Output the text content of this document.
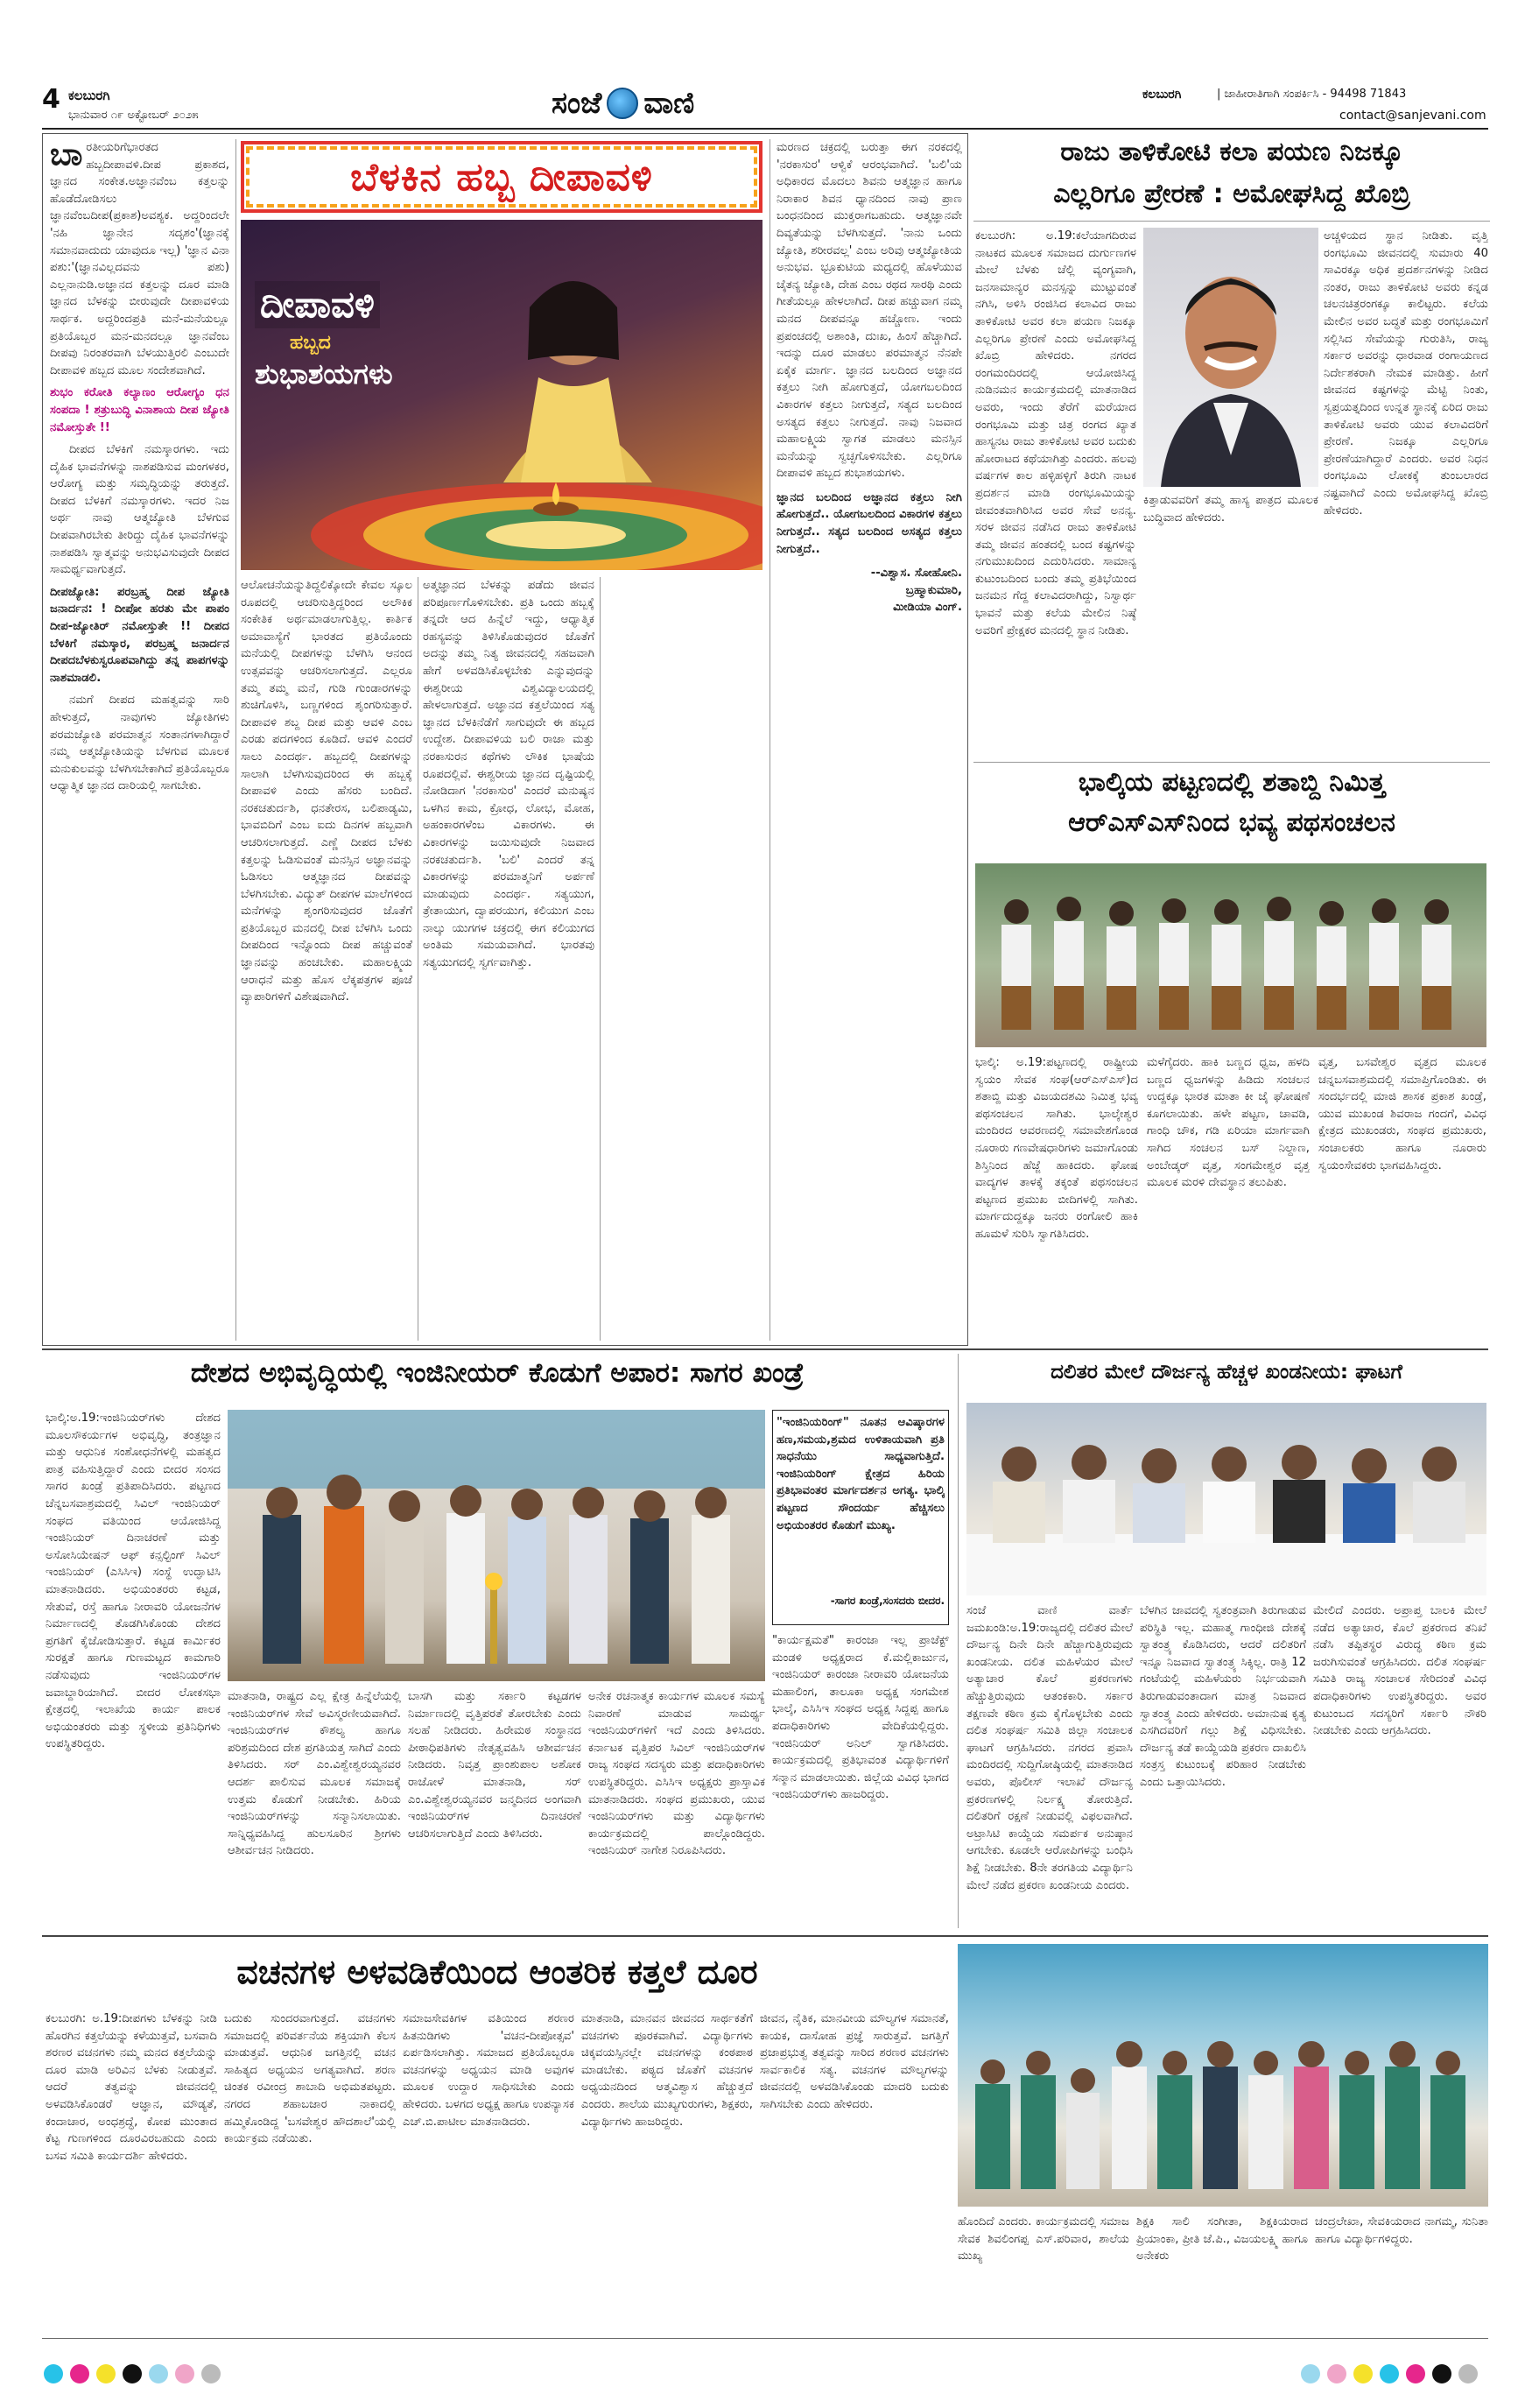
4 ಕಲಬುರಗಿ
ಭಾನುವಾರ ೧೯ ಅಕ್ಟೋಬರ್ ೨೦೨೫	ಸಂಜೆ ವಾಣಿ	ಕಲಬುರಗಿ	| ಜಾಹೀರಾತಿಗಾಗಿ ಸಂಪರ್ಕಿಸಿ - 94498 71843
contact@sanjevani.com

ಬಾರತೀಯರಿಗೆಭಾರತದ ಹಬ್ಬದೀಪಾವಳಿ.ದೀಪ ಪ್ರಕಾಶದ, ಜ್ಞಾನದ ಸಂಕೇತ.ಅಜ್ಞಾನವೆಂಬ ಕತ್ತಲನ್ನು ಹೊಡೆದೋಡಿಸಲು ಜ್ಞಾನವೆಂಬದೀಪ(ಪ್ರಕಾಶ)ಅವಶ್ಯಕ. ಅದ್ದರಿಂದಲೇ 'ನಹಿ ಜ್ಞಾನೇನ ಸದೃಶಂ'(ಜ್ಞಾನಕ್ಕೆ ಸಮಾನವಾದುದು ಯಾವುದೂ ಇಲ್ಲ) 'ಜ್ಞಾನ ವಿನಾ ಪಶು:'(ಜ್ಞಾನವಿಲ್ಲದವನು ಪಶು) ಎಲ್ಲನಾನುಡಿ.ಅಜ್ಞಾನದ ಕತ್ತಲನ್ನು ದೂರ ಮಾಡಿ ಜ್ಞಾನದ ಬೆಳಕನ್ನು ಬೀರುವುದೇ ದೀಪಾವಳಿಯ ಸಾರ್ಥಕ. ಅದ್ದರಿಂದಪ್ರತಿ ಮನೆ-ಮನೆಯಲ್ಲೂ ಪ್ರತಿಯೊಬ್ಬರ ಮನ-ಮನದಲ್ಲೂ ಜ್ಞಾನವೆಂಬ ದೀಪವು ನಿರಂತರವಾಗಿ ಬೆಳಯುತ್ತಿರಲಿ ಎಂಬುದೇ ದೀಪಾವಳಿ ಹಬ್ಬದ ಮೂಲ ಸಂದೇಶವಾಗಿದೆ.

ಶುಭಂ ಕರೋತಿ ಕಲ್ಯಾಣಂ ಆರೋಗ್ಯಂ ಧನ ಸಂಪದಾ ! ಶತ್ರುಬುದ್ಧಿ ವಿನಾಶಾಯ ದೀಪ ಜ್ಯೋತಿ ನಮೋಸ್ತುತೇ !!

ದೀಪದ ಬೆಳಕಿಗೆ ನಮಸ್ಕಾರಗಳು. ಇದು ದೈಹಿಕ ಭಾವನೆಗಳನ್ನು ನಾಶಪಡಿಸುವ ಮಂಗಳಕರ, ಆರೋಗ್ಯ ಮತ್ತು ಸಮೃದ್ಧಿಯನ್ನು ತರುತ್ತದೆ. ದೀಪದ ಬೆಳಕಿಗೆ ನಮಸ್ಕಾರಗಳು. ಇದರ ನಿಜ ಅರ್ಥ ನಾವು ಆತ್ಮಜ್ಯೋತಿ ಬೆಳಗುವ ದೀಪವಾಗಿರಬೇಕು ತೀರಿದ್ದು ದೈಹಿಕ ಭಾವನೆಗಳನ್ನು ನಾಶಪಡಿಸಿ ಸ್ವಾತ್ಮವನ್ನು ಅನುಭವಿಸುವುದೇ ದೀಪದ ಸಾಮರ್ಥ್ಯವಾಗುತ್ತದೆ.

ದೀಪಜ್ಯೋತಿ: ಪರಬ್ರಹ್ಮ ದೀಪ ಜ್ಯೋತಿ ಜನಾರ್ದನ: ! ದೀಪೋ ಹರತು ಮೇ ಪಾಪಂ ದೀಪ-ಜ್ಯೋತಿರ್ ನಮೋಸ್ತುತೇ !! ದೀಪದ ಬೆಳಕಿಗೆ ನಮಸ್ಕಾರ, ಪರಬ್ರಹ್ಮ ಜನಾರ್ದನ ದೀಪದಬೆಳಕುಸ್ವರೂಪವಾಗಿದ್ದು ತನ್ನ ಪಾಪಗಳನ್ನು ನಾಶಮಾಡಲಿ.

ನಮಗೆ ದೀಪದ ಮಹತ್ವವನ್ನು ಸಾರಿ ಹೇಳುತ್ತದೆ, ನಾವುಗಳು ಜ್ಯೋತಿಗಳು ಪರಮಜ್ಯೋತಿ ಪರಮಾತ್ಮನ ಸಂತಾನಗಳಾಗಿದ್ದಾರೆ ನಮ್ಮ ಆತ್ಮಜ್ಯೋತಿಯನ್ನು ಬೆಳಗುವ ಮೂಲಕ ಮನುಕುಲವನ್ನು ಬೆಳಗಿಸಬೇಕಾಗಿದೆ ಪ್ರತಿಯೊಬ್ಬರೂ ಆಧ್ಯಾತ್ಮಿಕ ಜ್ಞಾನದ ದಾರಿಯಲ್ಲಿ ಸಾಗಬೇಕು.

ಬೆಳಕಿನ ಹಬ್ಬ ದೀಪಾವಳಿ
ದೀಪಾವಳಿ
ಹಬ್ಬದ
ಶುಭಾಶಯಗಳು
ಆಲೋಚನೆಯನ್ನುತಿದ್ದಲಿಕ್ಕೋದೇ ಕೇವಲ ಸ್ಕೂಲ ರೂಪದಲ್ಲಿ ಆಚರಿಸುತ್ತಿದ್ದರಿಂದ ಅಲೌಕಿಕ ಸಂಕೇತಿಕ ಅರ್ಥಮಾಡಲಾಗುತ್ತಿಲ್ಲ. ಕಾರ್ತಿಕ ಅಮಾವಾಸ್ಯೆಗೆ ಭಾರತದ ಪ್ರತಿಯೊಂದು ಮನೆಯಲ್ಲಿ ದೀಪಗಳನ್ನು ಬೆಳಗಿಸಿ ಆನಂದ ಉತ್ಸವವನ್ನು ಆಚರಿಸಲಾಗುತ್ತದೆ. ಎಲ್ಲರೂ ತಮ್ಮ ತಮ್ಮ ಮನೆ, ಗುಡಿ ಗುಂಡಾರಗಳನ್ನು ಶುಚಿಗೊಳಿಸಿ, ಬಣ್ಣಗಳಿಂದ ಶೃಂಗರಿಸುತ್ತಾರೆ. ದೀಪಾವಳಿ ಶಬ್ದ ದೀಪ ಮತ್ತು ಆವಳಿ ಎಂಬ ಎರಡು ಪದಗಳಿಂದ ಕೂಡಿದೆ. ಆವಳಿ ಎಂದರೆ ಸಾಲು ಎಂದರ್ಥ. ಹಬ್ಬದಲ್ಲಿ ದೀಪಗಳನ್ನು ಸಾಲಾಗಿ ಬೆಳಗಿಸುವುದರಿಂದ ಈ ಹಬ್ಬಕ್ಕೆ ದೀಪಾವಳಿ ಎಂದು ಹೆಸರು ಬಂದಿದೆ. ನರಕಚತುರ್ದಶಿ, ಧನತೇರಸ, ಬಲಿಪಾಡ್ಯಮಿ, ಭಾವಬಿದಿಗೆ ಎಂಬ ಐದು ದಿನಗಳ ಹಬ್ಬವಾಗಿ ಆಚರಿಸಲಾಗುತ್ತದೆ. ಎಣ್ಣೆ ದೀಪದ ಬೆಳಕು ಕತ್ತಲನ್ನು ಓಡಿಸುವಂತೆ ಮನಸ್ಸಿನ ಅಜ್ಞಾನವನ್ನು ಓಡಿಸಲು ಆತ್ಮಜ್ಞಾನದ ದೀಪವನ್ನು ಬೆಳಗಿಸಬೇಕು. ವಿದ್ಯುತ್ ದೀಪಗಳ ಮಾಲೆಗಳಿಂದ ಮನೆಗಳನ್ನು ಶೃಂಗರಿಸುವುದರ ಜೊತೆಗೆ ಪ್ರತಿಯೊಬ್ಬರ ಮನದಲ್ಲಿ ದೀಪ ಬೆಳಗಿಸಿ ಒಂದು ದೀಪದಿಂದ ಇನ್ನೊಂದು ದೀಪ ಹಚ್ಚುವಂತೆ ಜ್ಞಾನವನ್ನು ಹಂಚಬೇಕು. ಮಹಾಲಕ್ಷ್ಮಿಯ ಆರಾಧನೆ ಮತ್ತು ಹೊಸ ಲೆಕ್ಕಪತ್ರಗಳ ಪೂಜೆ ವ್ಯಾಪಾರಿಗಳಿಗೆ ವಿಶೇಷವಾಗಿದೆ.
ಅತ್ಮಜ್ಞಾನದ ಬೆಳಕನ್ನು ಪಡೆದು ಜೀವನ ಪರಿಪೂರ್ಣಗೊಳಿಸಬೇಕು. ಪ್ರತಿ ಒಂದು ಹಬ್ಬಕ್ಕೆ ತನ್ನದೇ ಆದ ಹಿನ್ನೆಲೆ ಇದ್ದು, ಆಧ್ಯಾತ್ಮಿಕ ರಹಸ್ಯವನ್ನು ತಿಳಿಸಿಕೊಡುವುದರ ಜೊತೆಗೆ ಅದನ್ನು ತಮ್ಮ ನಿತ್ಯ ಜೀವನದಲ್ಲಿ ಸಹಜವಾಗಿ ಹೇಗೆ ಅಳವಡಿಸಿಕೊಳ್ಳಬೇಕು ಎನ್ನುವುದನ್ನು ಈಶ್ವರೀಯ ವಿಶ್ವವಿದ್ಯಾಲಯದಲ್ಲಿ ಹೇಳಲಾಗುತ್ತದೆ. ಅಜ್ಞಾನದ ಕತ್ತಲೆಯಿಂದ ಸತ್ಯ ಜ್ಞಾನದ ಬೆಳಕಿನೆಡೆಗೆ ಸಾಗುವುದೇ ಈ ಹಬ್ಬದ ಉದ್ದೇಶ. ದೀಪಾವಳಿಯ ಬಲಿ ರಾಜಾ ಮತ್ತು ನರಕಾಸುರನ ಕಥೆಗಳು ಲೌಕಿಕ ಭಾಷೆಯ ರೂಪದಲ್ಲಿವೆ. ಈಶ್ವರೀಯ ಜ್ಞಾನದ ದೃಷ್ಟಿಯಲ್ಲಿ ನೋಡಿದಾಗ 'ನರಕಾಸುರ' ಎಂದರೆ ಮನುಷ್ಯನ ಒಳಗಿನ ಕಾಮ, ಕ್ರೋಧ, ಲೋಭ, ಮೋಹ, ಅಹಂಕಾರಗಳೆಂಬ ವಿಕಾರಗಳು. ಈ ವಿಕಾರಗಳನ್ನು ಜಯಿಸುವುದೇ ನಿಜವಾದ ನರಕಚತುರ್ದಶಿ. 'ಬಲಿ' ಎಂದರೆ ತನ್ನ ವಿಕಾರಗಳನ್ನು ಪರಮಾತ್ಮನಿಗೆ ಅರ್ಪಣೆ ಮಾಡುವುದು ಎಂದರ್ಥ. ಸತ್ಯಯುಗ, ತ್ರೇತಾಯುಗ, ದ್ವಾಪರಯುಗ, ಕಲಿಯುಗ ಎಂಬ ನಾಲ್ಕು ಯುಗಗಳ ಚಕ್ರದಲ್ಲಿ ಈಗ ಕಲಿಯುಗದ ಅಂತಿಮ ಸಮಯವಾಗಿದೆ. ಭಾರತವು ಸತ್ಯಯುಗದಲ್ಲಿ ಸ್ವರ್ಗವಾಗಿತ್ತು.

ಮರಣದ ಚಕ್ರದಲ್ಲಿ ಬರುತ್ತಾ ಈಗ ನರಕದಲ್ಲಿ 'ನರಕಾಸುರ' ಆಳ್ವಿಕೆ ಆರಂಭವಾಗಿದೆ. 'ಬಲಿ'ಯ ಅಧಿಕಾರದ ಮೊದಲು ಶಿವನು ಆತ್ಮಜ್ಞಾನ ಹಾಗೂ ನಿರಾಕಾರ ಶಿವನ ಧ್ಯಾನದಿಂದ ನಾವು ಪ್ರಾಣ ಬಂಧನದಿಂದ ಮುಕ್ತರಾಗಬಹುದು. ಆತ್ಮಜ್ಞಾನವೇ ದಿವ್ಯತೆಯನ್ನು ಬೆಳಗಿಸುತ್ತದೆ. 'ನಾನು ಒಂದು ಜ್ಯೋತಿ, ಶರೀರವಲ್ಲ' ಎಂಬ ಅರಿವು ಆತ್ಮಜ್ಯೋತಿಯ ಅನುಭವ. ಭ್ರೂಕುಟಿಯ ಮಧ್ಯದಲ್ಲಿ ಹೊಳೆಯುವ ಚೈತನ್ಯ ಜ್ಯೋತಿ, ದೇಹ ಎಂಬ ರಥದ ಸಾರಥಿ ಎಂದು ಗೀತೆಯಲ್ಲೂ ಹೇಳಲಾಗಿದೆ. ದೀಪ ಹಚ್ಚುವಾಗ ನಮ್ಮ ಮನದ ದೀಪವನ್ನೂ ಹಚ್ಚೋಣ. ಇಂದು ಪ್ರಪಂಚದಲ್ಲಿ ಅಶಾಂತಿ, ದುಃಖ, ಹಿಂಸೆ ಹೆಚ್ಚಾಗಿದೆ. ಇದನ್ನು ದೂರ ಮಾಡಲು ಪರಮಾತ್ಮನ ನೆನಪೇ ಏಕೈಕ ಮಾರ್ಗ. ಜ್ಞಾನದ ಬಲದಿಂದ ಅಜ್ಞಾನದ ಕತ್ತಲು ನೀಗಿ ಹೋಗುತ್ತದೆ, ಯೋಗಬಲದಿಂದ ವಿಕಾರಗಳ ಕತ್ತಲು ನೀಗುತ್ತದೆ, ಸತ್ಯದ ಬಲದಿಂದ ಅಸತ್ಯದ ಕತ್ತಲು ನೀಗುತ್ತದೆ. ನಾವು ನಿಜವಾದ ಮಹಾಲಕ್ಷ್ಮಿಯ ಸ್ವಾಗತ ಮಾಡಲು ಮನಸ್ಸಿನ ಮನೆಯನ್ನು ಸ್ವಚ್ಛಗೊಳಿಸಬೇಕು. ಎಲ್ಲರಿಗೂ ದೀಪಾವಳಿ ಹಬ್ಬದ ಶುಭಾಶಯಗಳು.

ಜ್ಞಾನದ ಬಲದಿಂದ ಅಜ್ಞಾನದ ಕತ್ತಲು ನೀಗಿ ಹೋಗುತ್ತದೆ.. ಯೋಗಬಲದಿಂದ ವಿಕಾರಗಳ ಕತ್ತಲು ನೀಗುತ್ತದೆ.. ಸತ್ಯದ ಬಲದಿಂದ ಅಸತ್ಯದ ಕತ್ತಲು ನೀಗುತ್ತದೆ..

--ವಿಶ್ವಾಸ. ಸೋಹೋನಿ.

ಬ್ರಹ್ಮಾಕುಮಾರಿ,

ಮೀಡಿಯಾ ವಿಂಗ್.

ರಾಜು ತಾಳಿಕೋಟಿ ಕಲಾ ಪಯಣ ನಿಜಕ್ಕೂ
ಎಲ್ಲರಿಗೂ ಪ್ರೇರಣೆ : ಅಮೋಘಸಿದ್ದ ಖೊಬ್ರಿ
ಕಲಬುರಗಿ: ಅ.19:ಕಲೆಯಾಗದಿರುವ ನಾಟಕದ ಮೂಲಕ ಸಮಾಜದ ದುರ್ಗುಣಗಳ ಮೇಲೆ ಬೆಳಕು ಚೆಲ್ಲಿ ವ್ಯಂಗ್ಯವಾಗಿ, ಜನಸಾಮಾನ್ಯರ ಮನಸ್ಸನ್ನು ಮುಟ್ಟುವಂತೆ ನಗಿಸಿ, ಅಳಿಸಿ ರಂಜಿಸಿದ ಕಲಾವಿದ ರಾಜು ತಾಳಿಕೋಟಿ ಅವರ ಕಲಾ ಪಯಣ ನಿಜಕ್ಕೂ ಎಲ್ಲರಿಗೂ ಪ್ರೇರಣೆ ಎಂದು ಅಮೋಘಸಿದ್ದ ಖೊಬ್ರಿ ಹೇಳಿದರು. ನಗರದ ರಂಗಮಂದಿರದಲ್ಲಿ ಆಯೋಜಿಸಿದ್ದ ನುಡಿನಮನ ಕಾರ್ಯಕ್ರಮದಲ್ಲಿ ಮಾತನಾಡಿದ ಅವರು, ಇಂದು ತೆರೆಗೆ ಮರೆಯಾದ ರಂಗಭೂಮಿ ಮತ್ತು ಚಿತ್ರ ರಂಗದ ಖ್ಯಾತ ಹಾಸ್ಯನಟ ರಾಜು ತಾಳಿಕೋಟಿ ಅವರ ಬದುಕು ಹೋರಾಟದ ಕಥೆಯಾಗಿತ್ತು ಎಂದರು. ಹಲವು ವರ್ಷಗಳ ಕಾಲ ಹಳ್ಳಿಹಳ್ಳಿಗೆ ತಿರುಗಿ ನಾಟಕ ಪ್ರದರ್ಶನ ಮಾಡಿ ರಂಗಭೂಮಿಯನ್ನು ಜೀವಂತವಾಗಿರಿಸಿದ ಅವರ ಸೇವೆ ಅನನ್ಯ. ಸರಳ ಜೀವನ ನಡೆಸಿದ ರಾಜು ತಾಳಿಕೋಟಿ ತಮ್ಮ ಜೀವನ ಹಂತದಲ್ಲಿ ಬಂದ ಕಷ್ಟಗಳನ್ನು ನಗುಮುಖದಿಂದ ಎದುರಿಸಿದರು. ಸಾಮಾನ್ಯ ಕುಟುಂಬದಿಂದ ಬಂದು ತಮ್ಮ ಪ್ರತಿಭೆಯಿಂದ ಜನಮನ ಗೆದ್ದ ಕಲಾವಿದರಾಗಿದ್ದು, ನಿಸ್ವಾರ್ಥ ಭಾವನೆ ಮತ್ತು ಕಲೆಯ ಮೇಲಿನ ನಿಷ್ಠೆ ಅವರಿಗೆ ಪ್ರೇಕ್ಷಕರ ಮನದಲ್ಲಿ ಸ್ಥಾನ ನೀಡಿತು.
ಕಿತ್ತಾಡುವವರಿಗೆ ತಮ್ಮ ಹಾಸ್ಯ ಪಾತ್ರದ ಮೂಲಕ ಬುದ್ಧಿವಾದ ಹೇಳಿದರು.
ಅಚ್ಚಳಿಯದ ಸ್ಥಾನ ನೀಡಿತು. ವೃತ್ತಿ ರಂಗಭೂಮಿ ಜೀವನದಲ್ಲಿ ಸುಮಾರು 40 ಸಾವಿರಕ್ಕೂ ಅಧಿಕ ಪ್ರದರ್ಶನಗಳನ್ನು ನೀಡಿದ ನಂತರ, ರಾಜು ತಾಳಿಕೋಟಿ ಅವರು ಕನ್ನಡ ಚಲನಚಿತ್ರರಂಗಕ್ಕೂ ಕಾಲಿಟ್ಟರು. ಕಲೆಯ ಮೇಲಿನ ಅವರ ಬದ್ಧತೆ ಮತ್ತು ರಂಗಭೂಮಿಗೆ ಸಲ್ಲಿಸಿದ ಸೇವೆಯನ್ನು ಗುರುತಿಸಿ, ರಾಜ್ಯ ಸರ್ಕಾರ ಅವರನ್ನು ಧಾರವಾಡ ರಂಗಾಯಣದ ನಿರ್ದೇಶಕರಾಗಿ ನೇಮಕ ಮಾಡಿತ್ತು. ಹೀಗೆ ಜೀವನದ ಕಷ್ಟಗಳನ್ನು ಮೆಟ್ಟಿ ನಿಂತು, ಸ್ವಪ್ರಯತ್ನದಿಂದ ಉನ್ನತ ಸ್ಥಾನಕ್ಕೆ ಏರಿದ ರಾಜು ತಾಳಿಕೋಟಿ ಅವರು ಯುವ ಕಲಾವಿದರಿಗೆ ಪ್ರೇರಣೆ. ನಿಜಕ್ಕೂ ಎಲ್ಲರಿಗೂ ಪ್ರೇರಣೆಯಾಗಿದ್ದಾರೆ ಎಂದರು. ಅವರ ನಿಧನ ರಂಗಭೂಮಿ ಲೋಕಕ್ಕೆ ತುಂಬಲಾರದ ನಷ್ಟವಾಗಿದೆ ಎಂದು ಅಮೋಘಸಿದ್ದ ಖೊಬ್ರಿ ಹೇಳಿದರು.
ಭಾಲ್ಕಿಯ ಪಟ್ಟಣದಲ್ಲಿ ಶತಾಬ್ದಿ ನಿಮಿತ್ತ
ಆರ್‌ಎಸ್‌ಎಸ್‌ನಿಂದ ಭವ್ಯ ಪಥಸಂಚಲನ
ಭಾಲ್ಕಿ: ಅ.19:ಪಟ್ಟಣದಲ್ಲಿ ರಾಷ್ಟ್ರೀಯ ಸ್ವಯಂ ಸೇವಕ ಸಂಘ(ಆರ್‌ಎಸ್‌ಎಸ್)ದ ಶತಾಬ್ದಿ ಮತ್ತು ವಿಜಯದಶಮಿ ನಿಮಿತ್ತ ಭವ್ಯ ಪಥಸಂಚಲನ ಸಾಗಿತು. ಭಾಲ್ಕೇಶ್ವರ ಮಂದಿರದ ಆವರಣದಲ್ಲಿ ಸಮಾವೇಶಗೊಂಡ ನೂರಾರು ಗಣವೇಷಧಾರಿಗಳು ಜಮಾಗೊಂಡು ಶಿಸ್ತಿನಿಂದ ಹೆಜ್ಜೆ ಹಾಕಿದರು. ಘೋಷ ವಾದ್ಯಗಳ ತಾಳಕ್ಕೆ ತಕ್ಕಂತೆ ಪಥಸಂಚಲನ ಪಟ್ಟಣದ ಪ್ರಮುಖ ಬೀದಿಗಳಲ್ಲಿ ಸಾಗಿತು. ಮಾರ್ಗದುದ್ದಕ್ಕೂ ಜನರು ರಂಗೋಲಿ ಹಾಕಿ ಹೂಮಳೆ ಸುರಿಸಿ ಸ್ವಾಗತಿಸಿದರು.
ಮಳೆಗೈದರು. ಹಾಕಿ ಬಣ್ಣದ ಧ್ವಜ, ಹಳದಿ ಬಣ್ಣದ ಧ್ವಜಗಳನ್ನು ಹಿಡಿದು ಸಂಚಲನ ಉದ್ದಕ್ಕೂ ಭಾರತ ಮಾತಾ ಕೀ ಜೈ ಘೋಷಣೆ ಕೂಗಲಾಯಿತು. ಹಳೇ ಪಟ್ಟಣ, ಚಾವಡಿ, ಗಾಂಧಿ ಚೌಕ, ಗಡಿ ಏರಿಯಾ ಮಾರ್ಗವಾಗಿ ಸಾಗಿದ ಸಂಚಲನ ಬಸ್ ನಿಲ್ದಾಣ, ಅಂಬೇಡ್ಕರ್ ವೃತ್ತ, ಸಂಗಮೇಶ್ವರ ವೃತ್ತ ಮೂಲಕ ಮರಳಿ ದೇವಸ್ಥಾನ ತಲುಪಿತು.
ವೃತ್ತ, ಬಸವೇಶ್ವರ ವೃತ್ತದ ಮೂಲಕ ಚನ್ನಬಸವಾಶ್ರಮದಲ್ಲಿ ಸಮಾಪ್ತಿಗೊಂಡಿತು. ಈ ಸಂದರ್ಭದಲ್ಲಿ ಮಾಜಿ ಶಾಸಕ ಪ್ರಕಾಶ ಖಂಡ್ರೆ, ಯುವ ಮುಖಂಡ ಶಿವರಾಜ ಗಂದಗೆ, ವಿವಿಧ ಕ್ಷೇತ್ರದ ಮುಖಂಡರು, ಸಂಘದ ಪ್ರಮುಖರು, ಸಂಚಾಲಕರು ಹಾಗೂ ನೂರಾರು ಸ್ವಯಂಸೇವಕರು ಭಾಗವಹಿಸಿದ್ದರು.
ದೇಶದ ಅಭಿವೃದ್ಧಿಯಲ್ಲಿ ಇಂಜಿನೀಯರ್ ಕೊಡುಗೆ ಅಪಾರ: ಸಾಗರ ಖಂಡ್ರೆ
ಭಾಲ್ಕಿ:ಅ.19:ಇಂಜಿನಿಯರ್‌ಗಳು ದೇಶದ ಮೂಲಸೌಕರ್ಯಗಳ ಅಭಿವೃದ್ಧಿ, ತಂತ್ರಜ್ಞಾನ ಮತ್ತು ಆಧುನಿಕ ಸಂಶೋಧನೆಗಳಲ್ಲಿ ಮಹತ್ವದ ಪಾತ್ರ ವಹಿಸುತ್ತಿದ್ದಾರೆ ಎಂದು ಬೀದರ ಸಂಸದ ಸಾಗರ ಖಂಡ್ರೆ ಪ್ರತಿಪಾದಿಸಿದರು. ಪಟ್ಟಣದ ಚೆನ್ನಬಸವಾಶ್ರಮದಲ್ಲಿ ಸಿವಿಲ್ ಇಂಜಿನಿಯರ್ ಸಂಘದ ವತಿಯಿಂದ ಆಯೋಜಿಸಿದ್ದ ಇಂಜಿನಿಯರ್ ದಿನಾಚರಣೆ ಮತ್ತು ಅಸೋಸಿಯೇಷನ್ ಆಫ್ ಕನ್ಸಲ್ಟಿಂಗ್ ಸಿವಿಲ್ ಇಂಜಿನಿಯರ್ (ಎಸಿಸಿಇ) ಸಂಸ್ಥೆ ಉದ್ಘಾಟಿಸಿ ಮಾತನಾಡಿದರು. ಅಭಿಯಂತರರು ಕಟ್ಟಡ, ಸೇತುವೆ, ರಸ್ತೆ ಹಾಗೂ ನೀರಾವರಿ ಯೋಜನೆಗಳ ನಿರ್ಮಾಣದಲ್ಲಿ ತೊಡಗಿಸಿಕೊಂಡು ದೇಶದ ಪ್ರಗತಿಗೆ ಕೈಜೋಡಿಸುತ್ತಾರೆ. ಕಟ್ಟಡ ಕಾರ್ಮಿಕರ ಸುರಕ್ಷತೆ ಹಾಗೂ ಗುಣಮಟ್ಟದ ಕಾಮಗಾರಿ ನಡೆಸುವುದು ಇಂಜಿನಿಯರ್‌ಗಳ ಜವಾಬ್ದಾರಿಯಾಗಿದೆ. ಬೀದರ ಲೋಕಸಭಾ ಕ್ಷೇತ್ರದಲ್ಲಿ ಇಲಾಖೆಯ ಕಾರ್ಯ ಪಾಲಕ ಅಭಿಯಂತರರು ಮತ್ತು ಸ್ಥಳೀಯ ಪ್ರತಿನಿಧಿಗಳು ಉಪಸ್ಥಿತರಿದ್ದರು.
ಮಾತನಾಡಿ, ರಾಷ್ಟ್ರದ ಎಲ್ಲ ಕ್ಷೇತ್ರ ಹಿನ್ನೆಲೆಯಲ್ಲಿ ಇಂಜಿನಿಯರ್‌ಗಳ ಸೇವೆ ಅವಿಸ್ಮರಣೀಯವಾಗಿದೆ. ಇಂಜಿನಿಯರ್‌ಗಳ ಕೌಶಲ್ಯ ಹಾಗೂ ಪರಿಶ್ರಮದಿಂದ ದೇಶ ಪ್ರಗತಿಯತ್ತ ಸಾಗಿದೆ ಎಂದು ತಿಳಿಸಿದರು. ಸರ್ ಎಂ.ವಿಶ್ವೇಶ್ವರಯ್ಯನವರ ಆದರ್ಶ ಪಾಲಿಸುವ ಮೂಲಕ ಸಮಾಜಕ್ಕೆ ಉತ್ತಮ ಕೊಡುಗೆ ನೀಡಬೇಕು. ಹಿರಿಯ ಇಂಜಿನಿಯರ್‌ಗಳನ್ನು ಸನ್ಮಾನಿಸಲಾಯಿತು. ಸಾನ್ನಿಧ್ಯವಹಿಸಿದ್ದ ಹುಲಸೂರಿನ ಶ್ರೀಗಳು ಆಶೀರ್ವಚನ ನೀಡಿದರು.
ಬಾಸಗಿ ಮತ್ತು ಸರ್ಕಾರಿ ಕಟ್ಟಡಗಳ ನಿರ್ಮಾಣದಲ್ಲಿ ವೃತ್ತಿಪರತೆ ತೋರಬೇಕು ಎಂದು ಸಲಹೆ ನೀಡಿದರು. ಹಿರೇಮಠ ಸಂಸ್ಥಾನದ ಪೀಠಾಧಿಪತಿಗಳು ನೇತೃತ್ವವಹಿಸಿ ಆಶೀರ್ವಚನ ನೀಡಿದರು. ನಿವೃತ್ತ ಪ್ರಾಂಶುಪಾಲ ಅಶೋಕ ರಾಜೋಳೆ ಮಾತನಾಡಿ, ಸರ್ ಎಂ.ವಿಶ್ವೇಶ್ವರಯ್ಯನವರ ಜನ್ಮದಿನದ ಅಂಗವಾಗಿ ಇಂಜಿನಿಯರ್‌ಗಳ ದಿನಾಚರಣೆ ಆಚರಿಸಲಾಗುತ್ತಿದೆ ಎಂದು ತಿಳಿಸಿದರು.
ಅನೇಕ ರಚನಾತ್ಮಕ ಕಾರ್ಯಗಳ ಮೂಲಕ ಸಮಸ್ಯೆ ನಿವಾರಣೆ ಮಾಡುವ ಸಾಮರ್ಥ್ಯ ಇಂಜಿನಿಯರ್‌ಗಳಿಗೆ ಇದೆ ಎಂದು ತಿಳಿಸಿದರು. ಕರ್ನಾಟಕ ವೃತ್ತಿಪರ ಸಿವಿಲ್ ಇಂಜಿನಿಯರ್‌ಗಳ ರಾಜ್ಯ ಸಂಘದ ಸದಸ್ಯರು ಮತ್ತು ಪದಾಧಿಕಾರಿಗಳು ಉಪಸ್ಥಿತರಿದ್ದರು. ಎಸಿಸಿಇ ಅಧ್ಯಕ್ಷರು ಪ್ರಾಸ್ತಾವಿಕ ಮಾತನಾಡಿದರು. ಸಂಘದ ಪ್ರಮುಖರು, ಯುವ ಇಂಜಿನಿಯರ್‌ಗಳು ಮತ್ತು ವಿದ್ಯಾರ್ಥಿಗಳು ಕಾರ್ಯಕ್ರಮದಲ್ಲಿ ಪಾಲ್ಗೊಂಡಿದ್ದರು. ಇಂಜಿನಿಯರ್ ನಾಗೇಶ ನಿರೂಪಿಸಿದರು.
"ಇಂಜಿನಿಯರಿಂಗ್" ನೂತನ ಆವಿಷ್ಕಾರಗಳ ಹಣ,ಸಮಯ,ಶ್ರಮದ ಉಳಿತಾಯವಾಗಿ ಪ್ರತಿ ಸಾಧನೆಯು ಸಾಧ್ಯವಾಗುತ್ತಿದೆ. ಇಂಜಿನಿಯರಿಂಗ್ ಕ್ಷೇತ್ರದ ಹಿರಿಯ ಪ್ರತಿಭಾವಂತರ ಮಾರ್ಗದರ್ಶನ ಅಗತ್ಯ. ಭಾಲ್ಕಿ ಪಟ್ಟಣದ ಸೌಂದರ್ಯ ಹೆಚ್ಚಿಸಲು ಅಭಿಯಂತರರ ಕೊಡುಗೆ ಮುಖ್ಯ.
-ಸಾಗರ ಖಂಡ್ರೆ,ಸಂಸದರು ಬೀದರ.
"ಕಾರ್ಯಕ್ಷಮತೆ" ಕಾರಂಜಾ ಇಲ್ಲ ಪ್ರಾಜೆಕ್ಟ್ ಮಂಡಳಿ ಅಧ್ಯಕ್ಷರಾದ ಕೆ.ಮಲ್ಲಿಕಾರ್ಜುನ, ಇಂಜಿನಿಯರ್ ಕಾರಂಜಾ ನೀರಾವರಿ ಯೋಜನೆಯ ಮಹಾಲಿಂಗ, ತಾಲೂಕಾ ಅಧ್ಯಕ್ಷ ಸಂಗಮೇಶ ಭಾಲ್ಕೆ, ಎಸಿಸಿಇ ಸಂಘದ ಅಧ್ಯಕ್ಷ ಸಿದ್ದಪ್ಪ ಹಾಗೂ ಪದಾಧಿಕಾರಿಗಳು ವೇದಿಕೆಯಲ್ಲಿದ್ದರು. ಇಂಜಿನಿಯರ್ ಅನಿಲ್ ಸ್ವಾಗತಿಸಿದರು. ಕಾರ್ಯಕ್ರಮದಲ್ಲಿ ಪ್ರತಿಭಾವಂತ ವಿದ್ಯಾರ್ಥಿಗಳಿಗೆ ಸನ್ಮಾನ ಮಾಡಲಾಯಿತು. ಜಿಲ್ಲೆಯ ವಿವಿಧ ಭಾಗದ ಇಂಜಿನಿಯರ್‌ಗಳು ಹಾಜರಿದ್ದರು.
ದಲಿತರ ಮೇಲೆ ದೌರ್ಜನ್ಯ ಹೆಚ್ಚಳ ಖಂಡನೀಯ: ಘಾಟಗೆ
ಸಂಜೆ ವಾಣಿ ವಾರ್ತೆ ಜಮಖಂಡಿ:ಅ.19:ರಾಜ್ಯದಲ್ಲಿ ದಲಿತರ ಮೇಲೆ ದೌರ್ಜನ್ಯ ದಿನೇ ದಿನೇ ಹೆಚ್ಚಾಗುತ್ತಿರುವುದು ಖಂಡನೀಯ. ದಲಿತ ಮಹಿಳೆಯರ ಮೇಲೆ ಅತ್ಯಾಚಾರ ಕೊಲೆ ಪ್ರಕರಣಗಳು ಹೆಚ್ಚುತ್ತಿರುವುದು ಆತಂಕಕಾರಿ. ಸರ್ಕಾರ ತಕ್ಷಣವೇ ಕಠಿಣ ಕ್ರಮ ಕೈಗೊಳ್ಳಬೇಕು ಎಂದು ದಲಿತ ಸಂಘರ್ಷ ಸಮಿತಿ ಜಿಲ್ಲಾ ಸಂಚಾಲಕ ಘಾಟಗೆ ಆಗ್ರಹಿಸಿದರು. ನಗರದ ಪ್ರವಾಸಿ ಮಂದಿರದಲ್ಲಿ ಸುದ್ದಿಗೋಷ್ಠಿಯಲ್ಲಿ ಮಾತನಾಡಿದ ಅವರು, ಪೊಲೀಸ್ ಇಲಾಖೆ ದೌರ್ಜನ್ಯ ಪ್ರಕರಣಗಳಲ್ಲಿ ನಿರ್ಲಕ್ಷ್ಯ ತೋರುತ್ತಿದೆ. ದಲಿತರಿಗೆ ರಕ್ಷಣೆ ನೀಡುವಲ್ಲಿ ವಿಫಲವಾಗಿದೆ. ಅಟ್ರಾಸಿಟಿ ಕಾಯ್ದೆಯ ಸಮರ್ಪಕ ಅನುಷ್ಠಾನ ಆಗಬೇಕು. ಕೂಡಲೇ ಆರೋಪಿಗಳನ್ನು ಬಂಧಿಸಿ ಶಿಕ್ಷೆ ನೀಡಬೇಕು. 8ನೇ ತರಗತಿಯ ವಿದ್ಯಾರ್ಥಿನಿ ಮೇಲೆ ನಡೆದ ಪ್ರಕರಣ ಖಂಡನೀಯ ಎಂದರು.
ಬೆಳಗಿನ ಜಾವದಲ್ಲಿ ಸ್ವತಂತ್ರವಾಗಿ ತಿರುಗಾಡುವ ಪರಿಸ್ಥಿತಿ ಇಲ್ಲ. ಮಹಾತ್ಮ ಗಾಂಧೀಜಿ ದೇಶಕ್ಕೆ ಸ್ವಾತಂತ್ರ್ಯ ಕೊಡಿಸಿದರು, ಆದರೆ ದಲಿತರಿಗೆ ಇನ್ನೂ ನಿಜವಾದ ಸ್ವಾತಂತ್ರ್ಯ ಸಿಕ್ಕಿಲ್ಲ. ರಾತ್ರಿ 12 ಗಂಟೆಯಲ್ಲಿ ಮಹಿಳೆಯರು ನಿರ್ಭಯವಾಗಿ ತಿರುಗಾಡುವಂತಾದಾಗ ಮಾತ್ರ ನಿಜವಾದ ಸ್ವಾತಂತ್ರ್ಯ ಎಂದು ಹೇಳಿದರು. ಅಮಾನುಷ ಕೃತ್ಯ ಎಸಗಿದವರಿಗೆ ಗಲ್ಲು ಶಿಕ್ಷೆ ವಿಧಿಸಬೇಕು. ದೌರ್ಜನ್ಯ ತಡೆ ಕಾಯ್ದೆಯಡಿ ಪ್ರಕರಣ ದಾಖಲಿಸಿ ಸಂತ್ರಸ್ತ ಕುಟುಂಬಕ್ಕೆ ಪರಿಹಾರ ನೀಡಬೇಕು ಎಂದು ಒತ್ತಾಯಿಸಿದರು.
ಮೇಲಿದೆ ಎಂದರು. ಅಪ್ರಾಪ್ತ ಬಾಲಕಿ ಮೇಲೆ ನಡೆದ ಅತ್ಯಾಚಾರ, ಕೊಲೆ ಪ್ರಕರಣದ ತನಿಖೆ ನಡೆಸಿ ತಪ್ಪಿತಸ್ಥರ ವಿರುದ್ಧ ಕಠಿಣ ಕ್ರಮ ಜರುಗಿಸುವಂತೆ ಆಗ್ರಹಿಸಿದರು. ದಲಿತ ಸಂಘರ್ಷ ಸಮಿತಿ ರಾಜ್ಯ ಸಂಚಾಲಕ ಸೇರಿದಂತೆ ವಿವಿಧ ಪದಾಧಿಕಾರಿಗಳು ಉಪಸ್ಥಿತರಿದ್ದರು. ಅವರ ಕುಟುಂಬದ ಸದಸ್ಯರಿಗೆ ಸರ್ಕಾರಿ ನೌಕರಿ ನೀಡಬೇಕು ಎಂದು ಆಗ್ರಹಿಸಿದರು.
ವಚನಗಳ ಅಳವಡಿಕೆಯಿಂದ ಆಂತರಿಕ ಕತ್ತಲೆ ದೂರ
ಕಲಬುರಗಿ: ಅ.19:ದೀಪಗಳು ಬೆಳಕನ್ನು ನೀಡಿ ಹೊರಗಿನ ಕತ್ತಲೆಯನ್ನು ಕಳೆಯುತ್ತವೆ, ಬಸವಾದಿ ಶರಣರ ವಚನಗಳು ನಮ್ಮ ಮನದ ಕತ್ತಲೆಯನ್ನು ದೂರ ಮಾಡಿ ಅರಿವಿನ ಬೆಳಕು ನೀಡುತ್ತವೆ. ಆದರೆ ತತ್ವವನ್ನು ಜೀವನದಲ್ಲಿ ಅಳವಡಿಸಿಕೊಂಡರೆ ಆಜ್ಞಾನ, ಮೌಡ್ಯತೆ, ಕಂದಾಚಾರ, ಅಂಧಶ್ರದ್ಧೆ, ಕೋಪ ಮುಂತಾದ ಕೆಟ್ಟ ಗುಣಗಳಿಂದ ದೂರವಿರಬಹುದು ಎಂದು ಬಸವ ಸಮಿತಿ ಕಾರ್ಯದರ್ಶಿ ಹೇಳಿದರು.
ಬದುಕು ಸುಂದರವಾಗುತ್ತದೆ. ವಚನಗಳು ಸಮಾಜದಲ್ಲಿ ಪರಿವರ್ತನೆಯ ಶಕ್ತಿಯಾಗಿ ಕೆಲಸ ಮಾಡುತ್ತವೆ. ಆಧುನಿಕ ಜಗತ್ತಿನಲ್ಲಿ ವಚನ ಸಾಹಿತ್ಯದ ಅಧ್ಯಯನ ಅಗತ್ಯವಾಗಿದೆ. ಶರಣ ಚಿಂತಕ ರವೀಂದ್ರ ಶಾಬಾದಿ ಅಭಿಮತಪಟ್ಟರು. ನಗರದ ಶಹಾಬಜಾರ ನಾಕಾದಲ್ಲಿ ಹಮ್ಮಿಕೊಂಡಿದ್ದ 'ಬಸವೇಶ್ವರ ಹೌದಶಾಲೆ'ಯಲ್ಲಿ ಕಾರ್ಯಕ್ರಮ ನಡೆಯಿತು.
ಸಮಾಜಸೇವಕಿಗಳ ವತಿಯಿಂದ ಶರಣರ ಹಿತನುಡಿಗಳು 'ವಚನ-ದೀಪೋತ್ಸವ' ಏರ್ಪಡಿಸಲಾಗಿತ್ತು. ಸಮಾಜದ ಪ್ರತಿಯೊಬ್ಬರೂ ವಚನಗಳನ್ನು ಅಧ್ಯಯನ ಮಾಡಿ ಅವುಗಳ ಮೂಲಕ ಉದ್ದಾರ ಸಾಧಿಸಬೇಕು ಎಂದು ಹೇಳಿದರು. ಬಳಗದ ಅಧ್ಯಕ್ಷ ಹಾಗೂ ಉಪನ್ಯಾಸಕ ಎಚ್.ಬಿ.ಪಾಟೀಲ ಮಾತನಾಡಿದರು.
ಮಾತನಾಡಿ, ಮಾನವನ ಜೀವನದ ಸಾರ್ಥಕತೆಗೆ ವಚನಗಳು ಪೂರಕವಾಗಿವೆ. ವಿದ್ಯಾರ್ಥಿಗಳು ಚಿಕ್ಕವಯಸ್ಸಿನಲ್ಲೇ ವಚನಗಳನ್ನು ಕಂಠಪಾಠ ಮಾಡಬೇಕು. ಪಠ್ಯದ ಜೊತೆಗೆ ವಚನಗಳ ಅಧ್ಯಯನದಿಂದ ಆತ್ಮವಿಶ್ವಾಸ ಹೆಚ್ಚುತ್ತದೆ ಎಂದರು. ಶಾಲೆಯ ಮುಖ್ಯಗುರುಗಳು, ಶಿಕ್ಷಕರು, ವಿದ್ಯಾರ್ಥಿಗಳು ಹಾಜರಿದ್ದರು.
ಜೀವನ, ನೈತಿಕ, ಮಾನವೀಯ ಮೌಲ್ಯಗಳ ಸಮಾನತೆ, ಕಾಯಕ, ದಾಸೋಹ ಪ್ರಜ್ಞೆ ಸಾರುತ್ತವೆ. ಜಗತ್ತಿಗೆ ಪ್ರಜಾಪ್ರಭುತ್ವ ತತ್ವವನ್ನು ಸಾರಿದ ಶರಣರ ವಚನಗಳು ಸಾರ್ವಕಾಲಿಕ ಸತ್ಯ. ವಚನಗಳ ಮೌಲ್ಯಗಳನ್ನು ಜೀವನದಲ್ಲಿ ಅಳವಡಿಸಿಕೊಂಡು ಮಾದರಿ ಬದುಕು ಸಾಗಿಸಬೇಕು ಎಂದು ಹೇಳಿದರು.
ಹೊಂದಿದೆ ಎಂದರು. ಕಾರ್ಯಕ್ರಮದಲ್ಲಿ ಸಮಾಜ ಸೇವಕ ಶಿವಲಿಂಗಪ್ಪ ಎಸ್.ಪರಿವಾರ, ಶಾಲೆಯ ಮುಖ್ಯ
ಶಿಕ್ಷಕಿ ಸಾಲಿ ಸಂಗೀತಾ, ಶಿಕ್ಷಕಿಯರಾದ ಪ್ರಿಯಾಂಕಾ, ಪ್ರೀತಿ ಜೆ.ಪಿ., ವಿಜಯಲಕ್ಷ್ಮಿ ಹಾಗೂ ಅನೇಕರು
ಚಂದ್ರಲೇಖಾ, ಸೇವಕಿಯರಾದ ನಾಗಮ್ಮ, ಸುನಿತಾ ಹಾಗೂ ವಿದ್ಯಾರ್ಥಿಗಳಿದ್ದರು.
